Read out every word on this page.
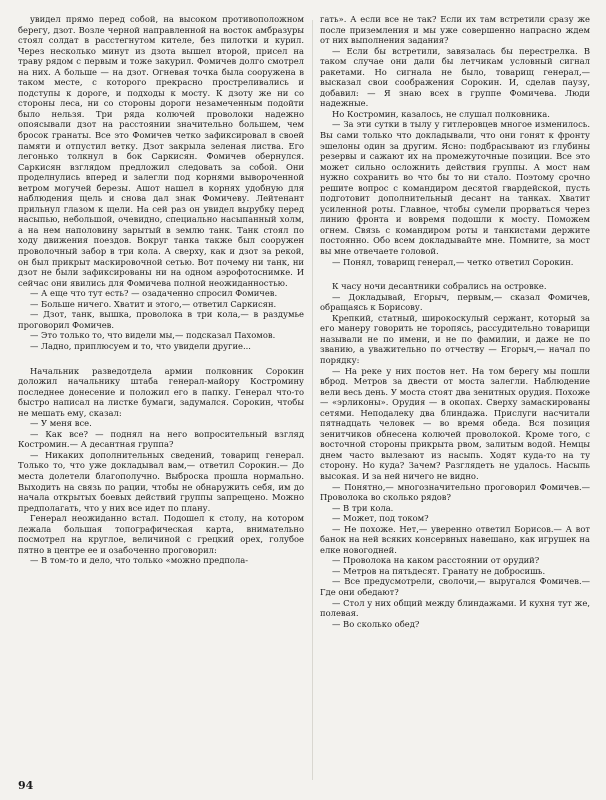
увидел прямо перед собой, на высоком противоположном берегу, дзот. Возле черной направленной на восток амбразуры стоял солдат в расстегнутом кителе, без пилотки и курил. Через несколько минут из дзота вышел второй, присел на траву рядом с первым и тоже закурил. Фомичев долго смотрел на них. А больше — на дзот. Огневая точка была сооружена в таком месте, с которого прекрасно простреливались и подступы к дороге, и подходы к мосту. К дзоту же ни со стороны леса, ни со стороны дороги незамеченным подойти было нельзя. Три ряда колючей проволоки надежно опоясывали дзот на расстоянии значительно большем, чем бросок гранаты. Все это Фомичев четко зафиксировал в своей памяти и отпустил ветку. Дзот закрыла зеленая листва. Его легонько толкнул в бок Саркисян. Фомичев обернулся. Саркисян взглядом предложил следовать за собой. Они проделнулись вперед и залегли под корнями вывороченной ветром могучей березы. Ашот нашел в корнях удобную для наблюдения щель и снова дал знак Фомичеву. Лейтенант прильнул глазом к щели. На сей раз он увидел вырубку перед насыпью, небольшой, очевидно, специально насыпанный холм, а на нем наполовину зарытый в землю танк. Танк стоял по ходу движения поездов. Вокруг танка также был сооружен проволочный забор в три кола. А сверху, как и дзот за рекой, он был прикрыт маскировочной сетью. Вот почему ни танк, ни дзот не были зафиксированы ни на одном аэрофотоснимке. И сейчас они явились для Фомичева полной неожиданностью.

— А еще что тут есть? — озадаченно спросил Фомичев.

— Больше ничего. Хватит и этого,— ответил Саркисян.

— Дзот, танк, вышка, проволока в три кола,— в раздумье проговорил Фомичев.

— Это только то, что видели мы,— подсказал Пахомов.

— Ладно, приплюсуем и то, что увидели другие...

Начальник разведотдела армии полковник Сорокин доложил начальнику штаба генерал-майору Костромину последнее донесение и положил его в папку. Генерал что-то быстро написал на листке бумаги, задумался. Сорокин, чтобы не мешать ему, сказал:

— У меня все.

— Как все? — поднял на него вопросительный взгляд Костромин.— А десантная группа?

— Никаких дополнительных сведений, товарищ генерал. Только то, что уже докладывал вам,— ответил Сорокин.— До места долетели благополучно. Выброска прошла нормально. Выходить на связь по рации, чтобы не обнаружить себя, им до начала открытых боевых действий группы запрещено. Можно предполагать, что у них все идет по плану.

Генерал неожиданно встал. Подошел к столу, на котором лежала большая топографическая карта, внимательно посмотрел на круглое, величиной с грецкий орех, голубое пятно в центре ее и озабоченно проговорил:

— В том-то и дело, что только «можно предпола-

гать». А если все не так? Если их там встретили сразу же после приземления и мы уже совершенно напрасно ждем от них выполнения задания?

— Если бы встретили, завязалась бы перестрелка. В таком случае они дали бы летчикам условный сигнал ракетами. Но сигнала не было, товарищ генерал,— высказал свои соображения Сорокин. И, сделав паузу, добавил: — Я знаю всех в группе Фомичева. Люди надежные.

Но Костромин, казалось, не слушал полковника.

— За эти сутки в тылу у гитлеровцев многое изменилось. Вы сами только что докладывали, что они гонят к фронту эшелоны один за другим. Ясно: подбрасывают из глубины резервы и сажают их на промежуточные позиции. Все это может сильно осложнить действия группы. А мост нам нужно сохранить во что бы то ни стало. Поэтому срочно решите вопрос с командиром десятой гвардейской, пусть подготовит дополнительный десант на танках. Хватит усиленной роты. Главное, чтобы сумели прорваться через линию фронта и вовремя подошли к мосту. Поможем огнем. Связь с командиром роты и танкистами держите постоянно. Обо всем докладывайте мне. Помните, за мост вы мне отвечаете головой.

— Понял, товарищ генерал,— четко ответил Сорокин.

К часу ночи десантники собрались на островке.

— Докладывай, Егорыч, первым,— сказал Фомичев, обращаясь к Борисову.

Крепкий, статный, широкоскулый сержант, который за его манеру говорить не торопясь, рассудительно товарищи называли не по имени, и не по фамилии, и даже не по званию, а уважительно по отчеству — Егорыч,— начал по порядку:

— На реке у них постов нет. На том берегу мы пошли вброд. Метров за двести от моста залегли. Наблюдение вели весь день. У моста стоят два зенитных орудия. Похоже — «эрликоны». Орудия — в окопах. Сверху замаскированы сетями. Неподалеку два блиндажа. Прислуги насчитали пятнадцать человек — во время обеда. Вся позиция зенитчиков обнесена колючей проволокой. Кроме того, с восточной стороны прикрыта рвом, залитым водой. Немцы днем часто вылезают из насыпь. Ходят куда-то на ту сторону. Но куда? Зачем? Разглядеть не удалось. Насыпь высокая. И за ней ничего не видно.

— Понятно,— многозначительно проговорил Фомичев.— Проволока во сколько рядов?

— В три кола.

— Может, под током?

— Не похоже. Нет,— уверенно ответил Борисов.— А вот банок на ней всяких консервных навешано, как игрушек на елке новогодней.

— Проволока на каком расстоянии от орудий?

— Метров на пятьдесят. Гранату не добросишь.

— Все предусмотрели, сволочи,— выругался Фомичев.— Где они обедают?

— Стол у них общий между блиндажами. И кухня тут же, полевая.

— Во сколько обед?

94
